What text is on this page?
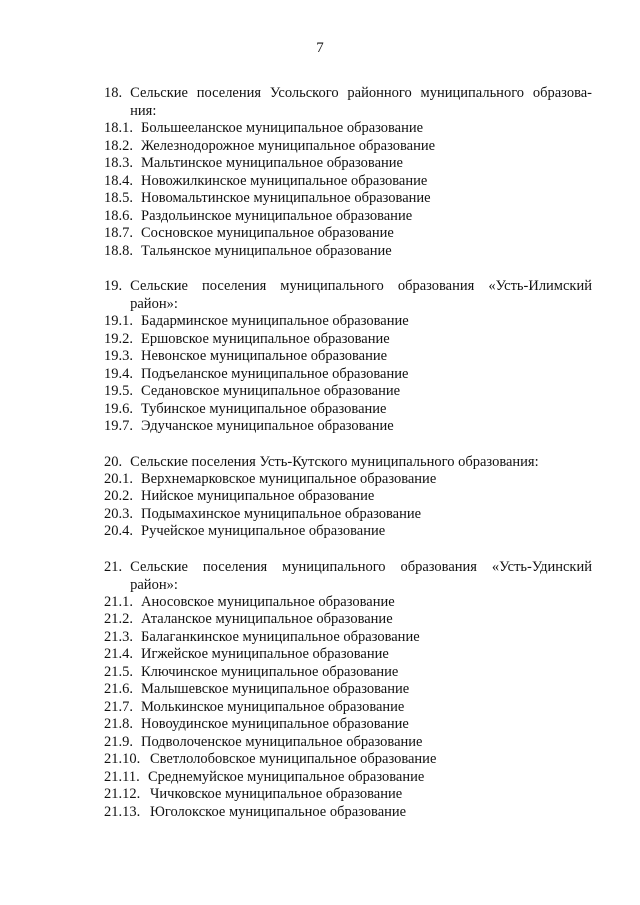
7
18. Сельские поселения Усольского районного муниципального образова-ния:
18.1. Большееланское муниципальное образование
18.2. Железнодорожное муниципальное образование
18.3. Мальтинское муниципальное образование
18.4. Новожилкинское муниципальное образование
18.5. Новомальтинское муниципальное образование
18.6. Раздольинское муниципальное образование
18.7. Сосновское муниципальное образование
18.8. Тальянское муниципальное образование
19. Сельские поселения муниципального образования «Усть-Илимский район»:
19.1. Бадарминское муниципальное образование
19.2. Ершовское муниципальное образование
19.3. Невонское муниципальное образование
19.4. Подъеланское муниципальное образование
19.5. Седановское муниципальное образование
19.6. Тубинское муниципальное образование
19.7. Эдучанское муниципальное образование
20. Сельские поселения Усть-Кутского муниципального образования:
20.1. Верхнемарковское муниципальное образование
20.2. Нийское муниципальное образование
20.3. Подымахинское муниципальное образование
20.4. Ручейское муниципальное образование
21. Сельские поселения муниципального образования «Усть-Удинский район»:
21.1. Аносовское муниципальное образование
21.2. Аталанское муниципальное образование
21.3. Балаганкинское муниципальное образование
21.4. Игжейское муниципальное образование
21.5. Ключинское муниципальное образование
21.6. Малышевское муниципальное образование
21.7. Молькинское муниципальное образование
21.8. Новоудинское муниципальное образование
21.9. Подволоченское муниципальное образование
21.10. Светлолобовское муниципальное образование
21.11. Среднемуйское муниципальное образование
21.12. Чичковское муниципальное образование
21.13. Юголокское муниципальное образование
